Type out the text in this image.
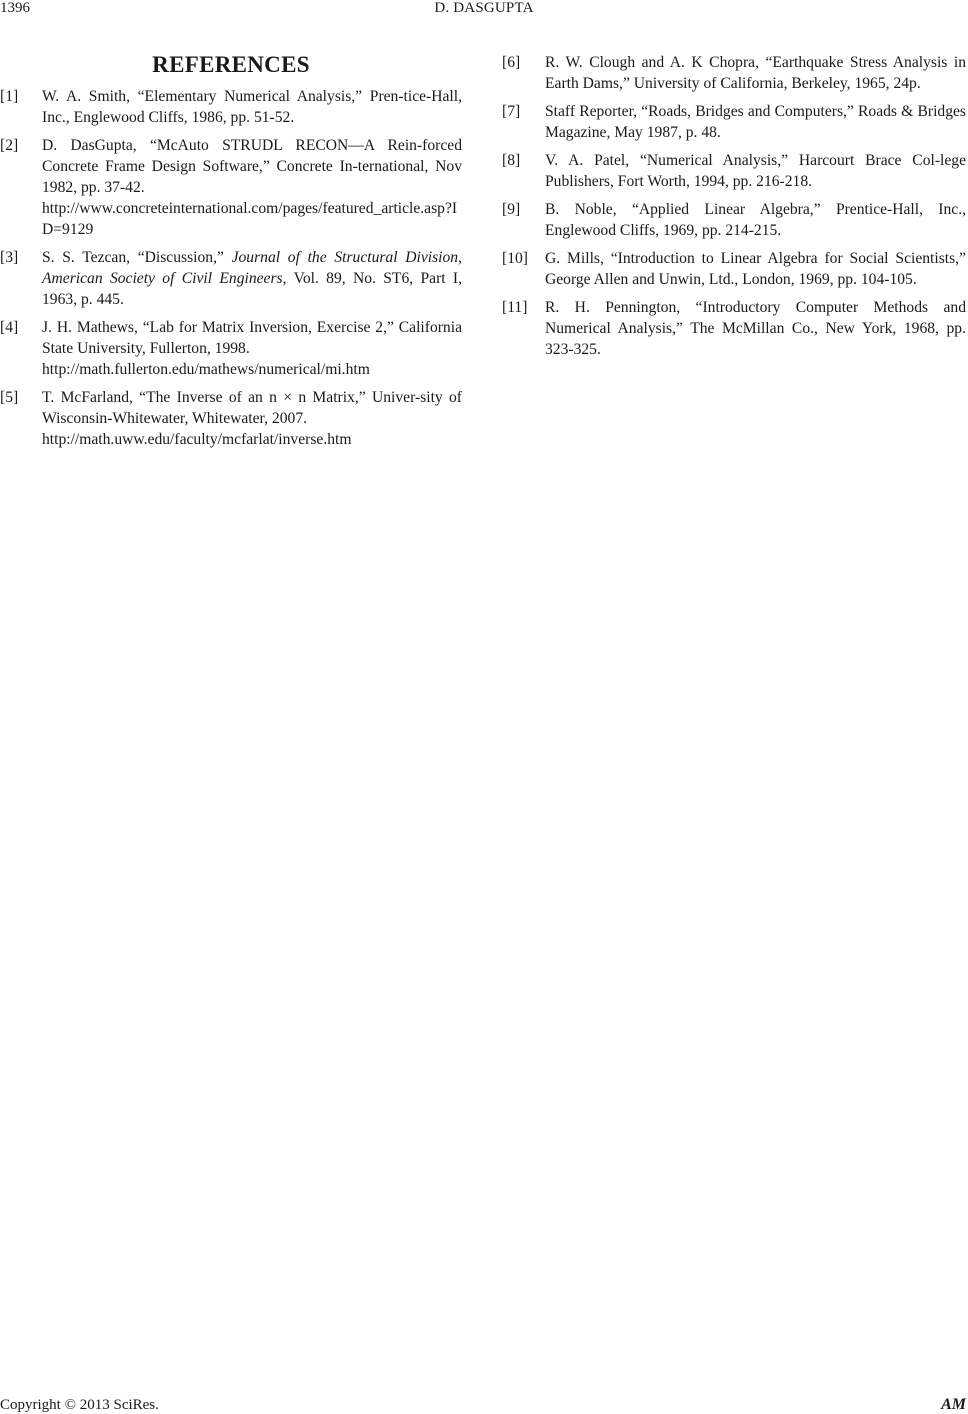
1396	D. DASGUPTA
REFERENCES
[1]	W. A. Smith, “Elementary Numerical Analysis,” Pren-tice-Hall, Inc., Englewood Cliffs, 1986, pp. 51-52.
[2]	D. DasGupta, “McAuto STRUDL RECON—A Rein-forced Concrete Frame Design Software,” Concrete In-ternational, Nov 1982, pp. 37-42.
http://www.concreteinternational.com/pages/featured_article.asp?ID=9129
[3]	S. S. Tezcan, “Discussion,” Journal of the Structural Division, American Society of Civil Engineers, Vol. 89, No. ST6, Part I, 1963, p. 445.
[4]	J. H. Mathews, “Lab for Matrix Inversion, Exercise 2,” California State University, Fullerton, 1998.
http://math.fullerton.edu/mathews/numerical/mi.htm
[5]	T. McFarland, “The Inverse of an n × n Matrix,” Univer-sity of Wisconsin-Whitewater, Whitewater, 2007.
http://math.uww.edu/faculty/mcfarlat/inverse.htm
[6]	R. W. Clough and A. K Chopra, “Earthquake Stress Analysis in Earth Dams,” University of California, Berkeley, 1965, 24p.
[7]	Staff Reporter, “Roads, Bridges and Computers,” Roads & Bridges Magazine, May 1987, p. 48.
[8]	V. A. Patel, “Numerical Analysis,” Harcourt Brace Col-lege Publishers, Fort Worth, 1994, pp. 216-218.
[9]	B. Noble, “Applied Linear Algebra,” Prentice-Hall, Inc., Englewood Cliffs, 1969, pp. 214-215.
[10]	G. Mills, “Introduction to Linear Algebra for Social Scientists,” George Allen and Unwin, Ltd., London, 1969, pp. 104-105.
[11]	R. H. Pennington, “Introductory Computer Methods and Numerical Analysis,” The McMillan Co., New York, 1968, pp. 323-325.
Copyright © 2013 SciRes.	AM
